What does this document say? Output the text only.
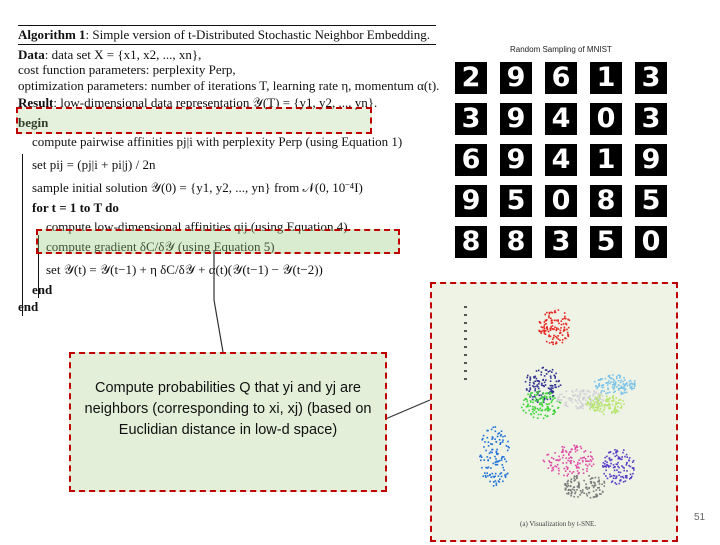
Algorithm 1: Simple version of t-Distributed Stochastic Neighbor Embedding.
Data: data set X = {x1, x2, ..., xn},
cost function parameters: perplexity Perp,
optimization parameters: number of iterations T, learning rate η, momentum α(t).
Result: low-dimensional data representation 𝒴(T) = {y1, y2, ..., yn}.
begin
compute pairwise affinities pj|i with perplexity Perp (using Equation 1)
set pij = (pj|i + pi|j) / 2n
sample initial solution 𝒴(0) = {y1, y2, ..., yn} from 𝒩(0, 10⁻⁴I)
for t = 1 to T do
compute low-dimensional affinities qij (using Equation 4)
compute gradient δC/δ𝒴 (using Equation 5)
set 𝒴(t) = 𝒴(t−1) + η δC/δ𝒴 + α(t)(𝒴(t−1) − 𝒴(t−2))
end
end
Random Sampling of MNIST
2 9 6 1 3
3 9 4 0 3
6 9 4 1 9
9 5 0 8 5
8 8 3 5 0
(a) Visualization by t-SNE.
Compute probabilities Q that yi and yj are neighbors (corresponding to xi, xj) (based on Euclidian distance in low-d space)
51
